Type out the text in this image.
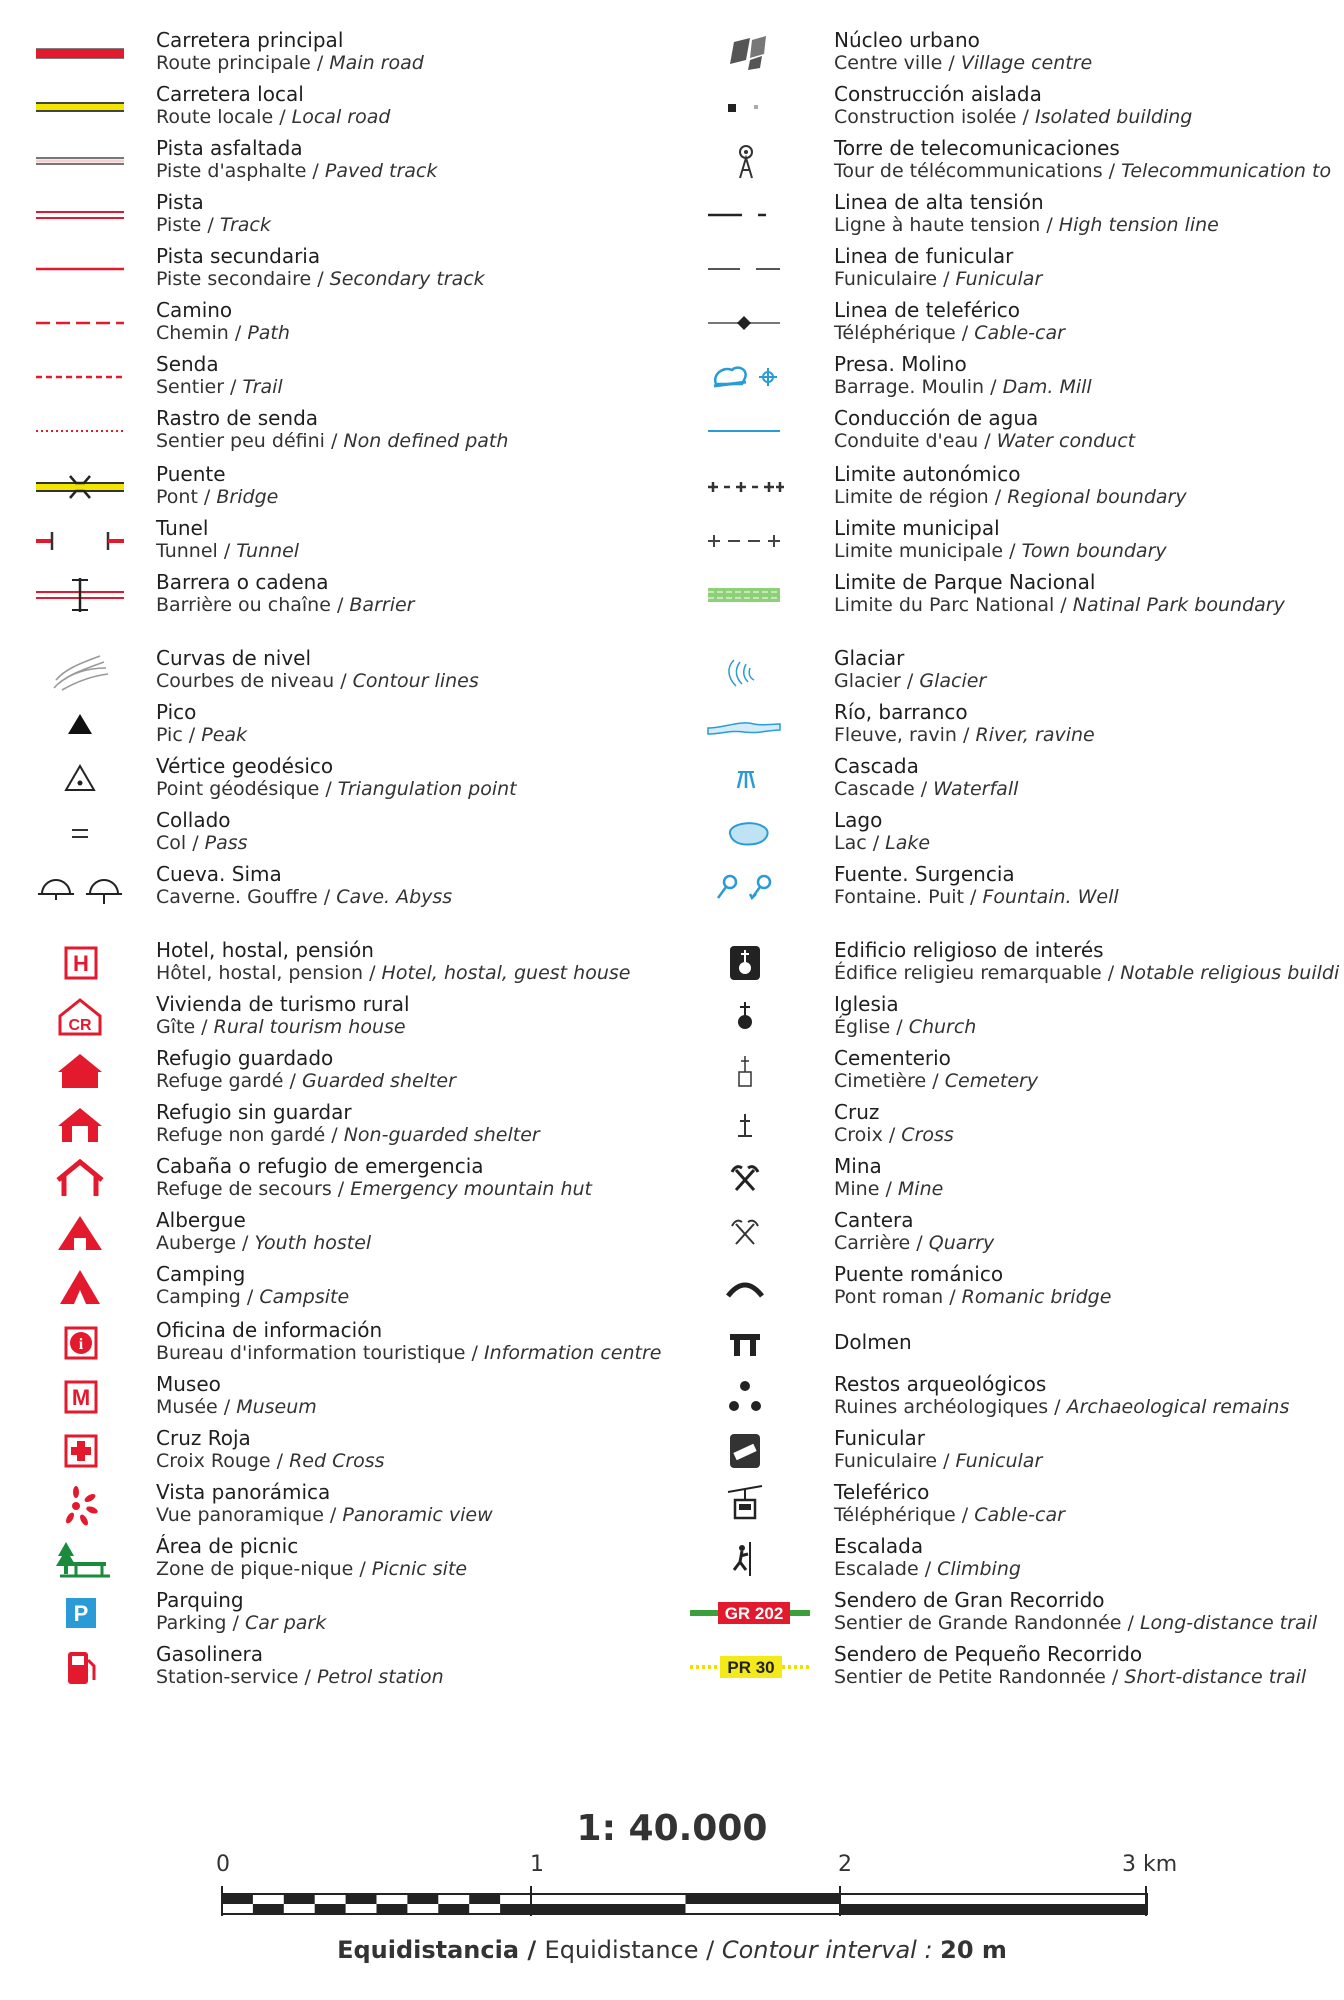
Carretera principal
Route principale / Main road
Carretera local
Route locale / Local road
Pista asfaltada
Piste d'asphalte / Paved track
Pista
Piste / Track
Pista secundaria
Piste secondaire / Secondary track
Camino
Chemin / Path
Senda
Sentier / Trail
Rastro de senda
Sentier peu défini / Non defined path
Puente
Pont / Bridge
Tunel
Tunnel / Tunnel
Barrera o cadena
Barrière ou chaîne / Barrier
Curvas de nivel
Courbes de niveau / Contour lines
Pico
Pic / Peak
Vértice geodésico
Point géodésique / Triangulation point
Collado
Col / Pass
Cueva. Sima
Caverne. Gouffre / Cave. Abyss
H
Hotel, hostal, pensión
Hôtel, hostal, pension / Hotel, hostal, guest house
CR
Vivienda de turismo rural
Gîte / Rural tourism house
Refugio guardado
Refuge gardé / Guarded shelter
Refugio sin guardar
Refuge non gardé / Non-guarded shelter
Cabaña o refugio de emergencia
Refuge de secours / Emergency mountain hut
Albergue
Auberge / Youth hostel
Camping
Camping / Campsite
i
Oficina de información
Bureau d'information touristique / Information centre
M
Museo
Musée / Museum
Cruz Roja
Croix Rouge / Red Cross
Vista panorámica
Vue panoramique / Panoramic view
Área de picnic
Zone de pique-nique / Picnic site
P
Parquing
Parking / Car park
Gasolinera
Station-service / Petrol station
Núcleo urbano
Centre ville / Village centre
Construcción aislada
Construction isolée / Isolated building
Torre de telecomunicaciones
Tour de télécommunications / Telecommunication to
Linea de alta tensión
Ligne à haute tension / High tension line
Linea de funicular
Funiculaire / Funicular
Linea de teleférico
Téléphérique / Cable-car
Presa. Molino
Barrage. Moulin / Dam. Mill
Conducción de agua
Conduite d'eau / Water conduct
Limite autonómico
Limite de région / Regional boundary
Limite municipal
Limite municipale / Town boundary
Limite de Parque Nacional
Limite du Parc National / Natinal Park boundary
Glaciar
Glacier / Glacier
Río, barranco
Fleuve, ravin / River, ravine
Cascada
Cascade / Waterfall
Lago
Lac / Lake
Fuente. Surgencia
Fontaine. Puit / Fountain. Well
Edificio religioso de interés
Édifice religieu remarquable / Notable religious buildi
Iglesia
Église / Church
Cementerio
Cimetière / Cemetery
Cruz
Croix / Cross
Mina
Mine / Mine
Cantera
Carrière / Quarry
Puente románico
Pont roman / Romanic bridge
Dolmen
Restos arqueológicos
Ruines archéologiques / Archaeological remains
Funicular
Funiculaire / Funicular
Teleférico
Téléphérique / Cable-car
Escalada
Escalade / Climbing
GR 202
Sendero de Gran Recorrido
Sentier de Grande Randonnée / Long-distance trail
PR 30
Sendero de Pequeño Recorrido
Sentier de Petite Randonnée / Short-distance trail
1: 40.000
0	1	2	3 km
Equidistancia / Equidistance / Contour interval : 20 m
